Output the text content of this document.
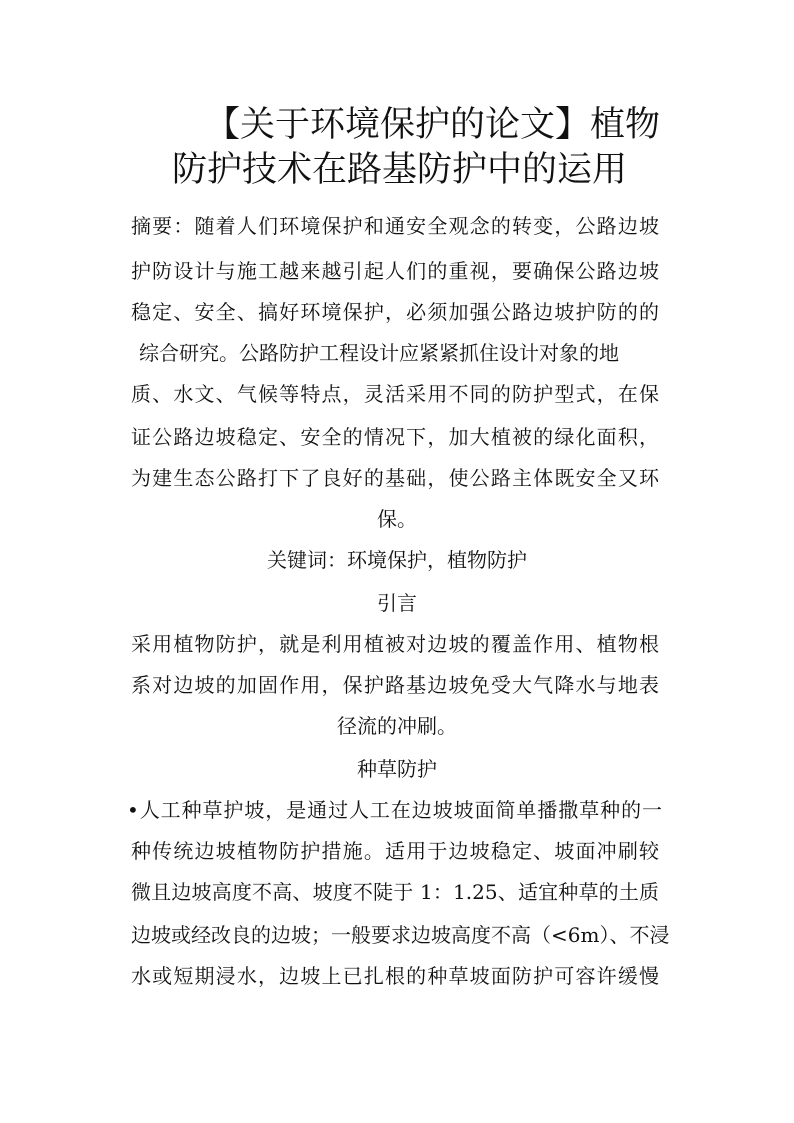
【关于环境保护的论文】植物
防护技术在路基防护中的运用
摘要：随着人们环境保护和通安全观念的转变，公路边坡
护防设计与施工越来越引起人们的重视，要确保公路边坡
稳定、安全、搞好环境保护，必须加强公路边坡护防的的
综合研究。公路防护工程设计应紧紧抓住设计对象的地
质、水文、气候等特点，灵活采用不同的防护型式，在保
证公路边坡稳定、安全的情况下，加大植被的绿化面积，
为建生态公路打下了良好的基础，使公路主体既安全又环
保。
关键词：环境保护，植物防护
引言
采用植物防护，就是利用植被对边坡的覆盖作用、植物根
系对边坡的加固作用，保护路基边坡免受大气降水与地表
径流的冲刷。
种草防护
•人工种草护坡，是通过人工在边坡坡面简单播撒草种的一
种传统边坡植物防护措施。适用于边坡稳定、坡面冲刷较
微且边坡高度不高、坡度不陡于 1：1.25、适宜种草的土质
边坡或经改良的边坡；一般要求边坡高度不高（<6m）、不浸
水或短期浸水，边坡上已扎根的种草坡面防护可容许缓慢
